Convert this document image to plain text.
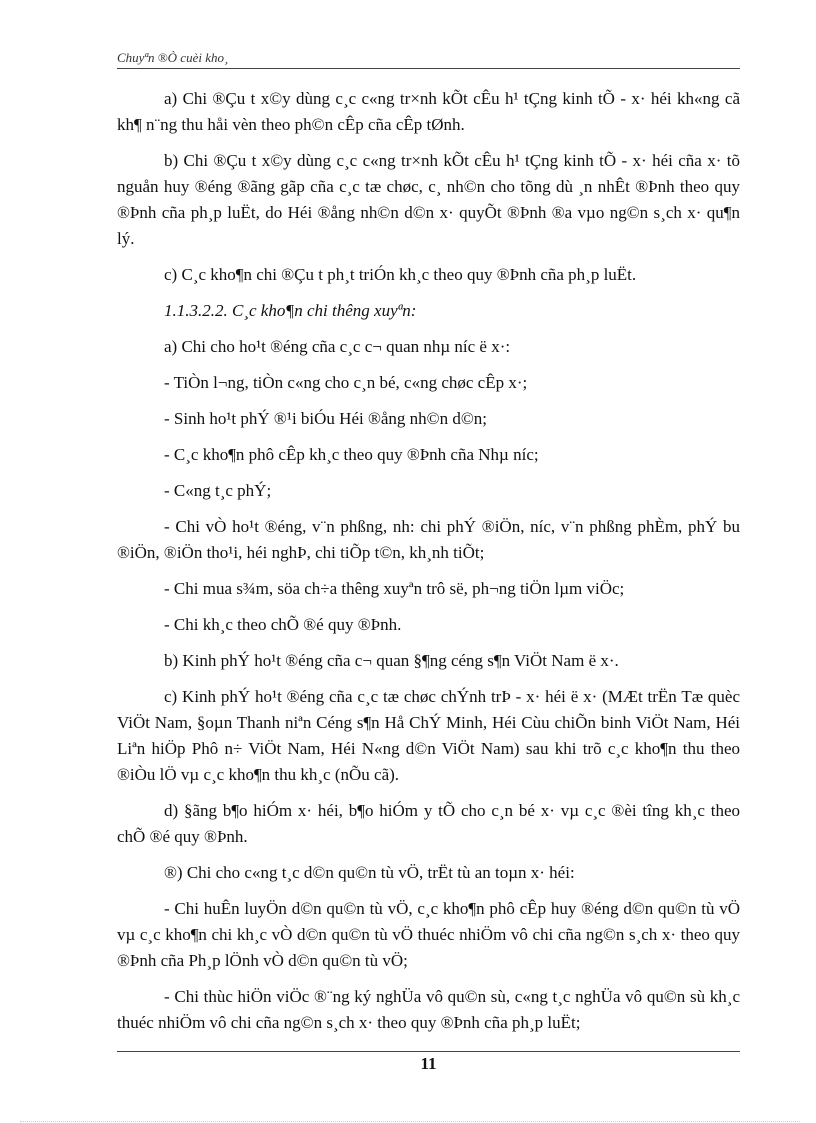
Chuyªn ®Ò cuèi kho¸

a) Chi ®Çu t x©y dùng c¸c c«ng tr×nh kÕt cÊu h¹ tÇng kinh tÕ - x· héi kh«ng cã kh¶ n¨ng thu håi vèn theo ph©n cÊp cña cÊp tØnh.

b) Chi ®Çu t x©y dùng c¸c c«ng tr×nh kÕt cÊu h¹ tÇng kinh tÕ - x· héi cña x· tõ nguån huy ®éng ®ãng gãp cña c¸c tæ chøc, c¸ nh©n cho tõng dù ¸n nhÊt ®Þnh theo quy ®Þnh cña ph¸p luËt, do Héi ®ång nh©n d©n x· quyÕt ®Þnh ®a vµo ng©n s¸ch x· qu¶n lý.

c) C¸c kho¶n chi ®Çu t ph¸t triÓn kh¸c theo quy ®Þnh cña ph¸p luËt.

1.1.3.2.2. C¸c kho¶n chi thêng xuyªn:

a) Chi cho ho¹t ®éng cña c¸c c¬ quan nhµ níc ë x·:

- TiÒn l¬ng, tiÒn c«ng cho c¸n bé, c«ng chøc cÊp x·;

- Sinh ho¹t phÝ ®¹i biÓu Héi ®ång nh©n d©n;

- C¸c kho¶n phô cÊp kh¸c theo quy ®Þnh cña Nhµ níc;

- C«ng t¸c phÝ;

- Chi vÒ ho¹t ®éng, v¨n phßng, nh: chi phÝ ®iÖn, níc, v¨n phßng phÈm, phÝ bu ®iÖn, ®iÖn tho¹i, héi nghÞ, chi tiÕp t©n, kh¸nh tiÕt;

- Chi mua s¾m, söa ch÷a thêng xuyªn trô së, ph¬ng tiÖn lµm viÖc;

- Chi kh¸c theo chÕ ®é quy ®Þnh.

b) Kinh phÝ ho¹t ®éng cña c¬ quan §¶ng céng s¶n ViÖt Nam ë x·.

c) Kinh phÝ ho¹t ®éng cña c¸c tæ chøc chÝnh trÞ - x· héi ë x· (MÆt trËn Tæ quèc ViÖt Nam, §oµn Thanh niªn Céng s¶n Hå ChÝ Minh, Héi Cùu chiÕn binh ViÖt Nam, Héi Liªn hiÖp Phô n÷ ViÖt Nam, Héi N«ng d©n ViÖt Nam) sau khi trõ c¸c kho¶n thu theo ®iÒu lÖ vµ c¸c kho¶n thu kh¸c (nÕu cã).

d) §ãng b¶o hiÓm x· héi, b¶o hiÓm y tÕ cho c¸n bé x· vµ c¸c ®èi tîng kh¸c theo chÕ ®é quy ®Þnh.

®) Chi cho c«ng t¸c d©n qu©n tù vÖ, trËt tù an toµn x· héi:

- Chi huÊn luyÖn d©n qu©n tù vÖ, c¸c kho¶n phô cÊp huy ®éng d©n qu©n tù vÖ vµ c¸c kho¶n chi kh¸c vÒ d©n qu©n tù vÖ thuéc nhiÖm vô chi cña ng©n s¸ch x· theo quy ®Þnh cña Ph¸p lÖnh vÒ d©n qu©n tù vÖ;

- Chi thùc hiÖn viÖc ®¨ng ký nghÜa vô qu©n sù, c«ng t¸c nghÜa vô qu©n sù kh¸c thuéc nhiÖm vô chi cña ng©n s¸ch x· theo quy ®Þnh cña ph¸p luËt;

11
